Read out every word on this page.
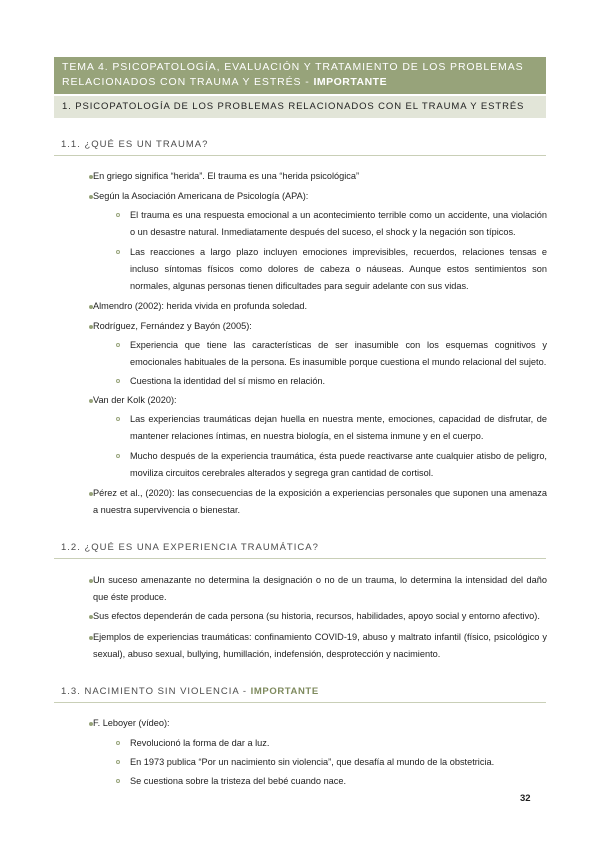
TEMA 4. PSICOPATOLOGÍA, EVALUACIÓN Y TRATAMIENTO DE LOS PROBLEMAS RELACIONADOS CON TRAUMA Y ESTRÉS - IMPORTANTE
1. PSICOPATOLOGÍA DE LOS PROBLEMAS RELACIONADOS CON EL TRAUMA Y ESTRÉS
1.1. ¿QUÉ ES UN TRAUMA?
En griego significa “herida”. El trauma es una “herida psicológica”
Según la Asociación Americana de Psicología (APA):
El trauma es una respuesta emocional a un acontecimiento terrible como un accidente, una violación o un desastre natural. Inmediatamente después del suceso, el shock y la negación son típicos.
Las reacciones a largo plazo incluyen emociones imprevisibles, recuerdos, relaciones tensas e incluso síntomas físicos como dolores de cabeza o náuseas. Aunque estos sentimientos son normales, algunas personas tienen dificultades para seguir adelante con sus vidas.
Almendro (2002): herida vivida en profunda soledad.
Rodríguez, Fernández y Bayón (2005):
Experiencia que tiene las características de ser inasumible con los esquemas cognitivos y emocionales habituales de la persona. Es inasumible porque cuestiona el mundo relacional del sujeto.
Cuestiona la identidad del sí mismo en relación.
Van der Kolk (2020):
Las experiencias traumáticas dejan huella en nuestra mente, emociones, capacidad de disfrutar, de mantener relaciones íntimas, en nuestra biología, en el sistema inmune y en el cuerpo.
Mucho después de la experiencia traumática, ésta puede reactivarse ante cualquier atisbo de peligro, moviliza circuitos cerebrales alterados y segrega gran cantidad de cortisol.
Pérez et al., (2020): las consecuencias de la exposición a experiencias personales que suponen una amenaza a nuestra supervivencia o bienestar.
1.2. ¿QUÉ ES UNA EXPERIENCIA TRAUMÁTICA?
Un suceso amenazante no determina la designación o no de un trauma, lo determina la intensidad del daño que éste produce.
Sus efectos dependerán de cada persona (su historia, recursos, habilidades, apoyo social y entorno afectivo).
Ejemplos de experiencias traumáticas: confinamiento COVID-19, abuso y maltrato infantil (físico, psicológico y sexual), abuso sexual, bullying, humillación, indefensión, desprotección y nacimiento.
1.3. NACIMIENTO SIN VIOLENCIA - IMPORTANTE
F. Leboyer (vídeo):
Revolucionó la forma de dar a luz.
En 1973 publica “Por un nacimiento sin violencia”, que desafía al mundo de la obstetricia.
Se cuestiona sobre la tristeza del bebé cuando nace.
32
